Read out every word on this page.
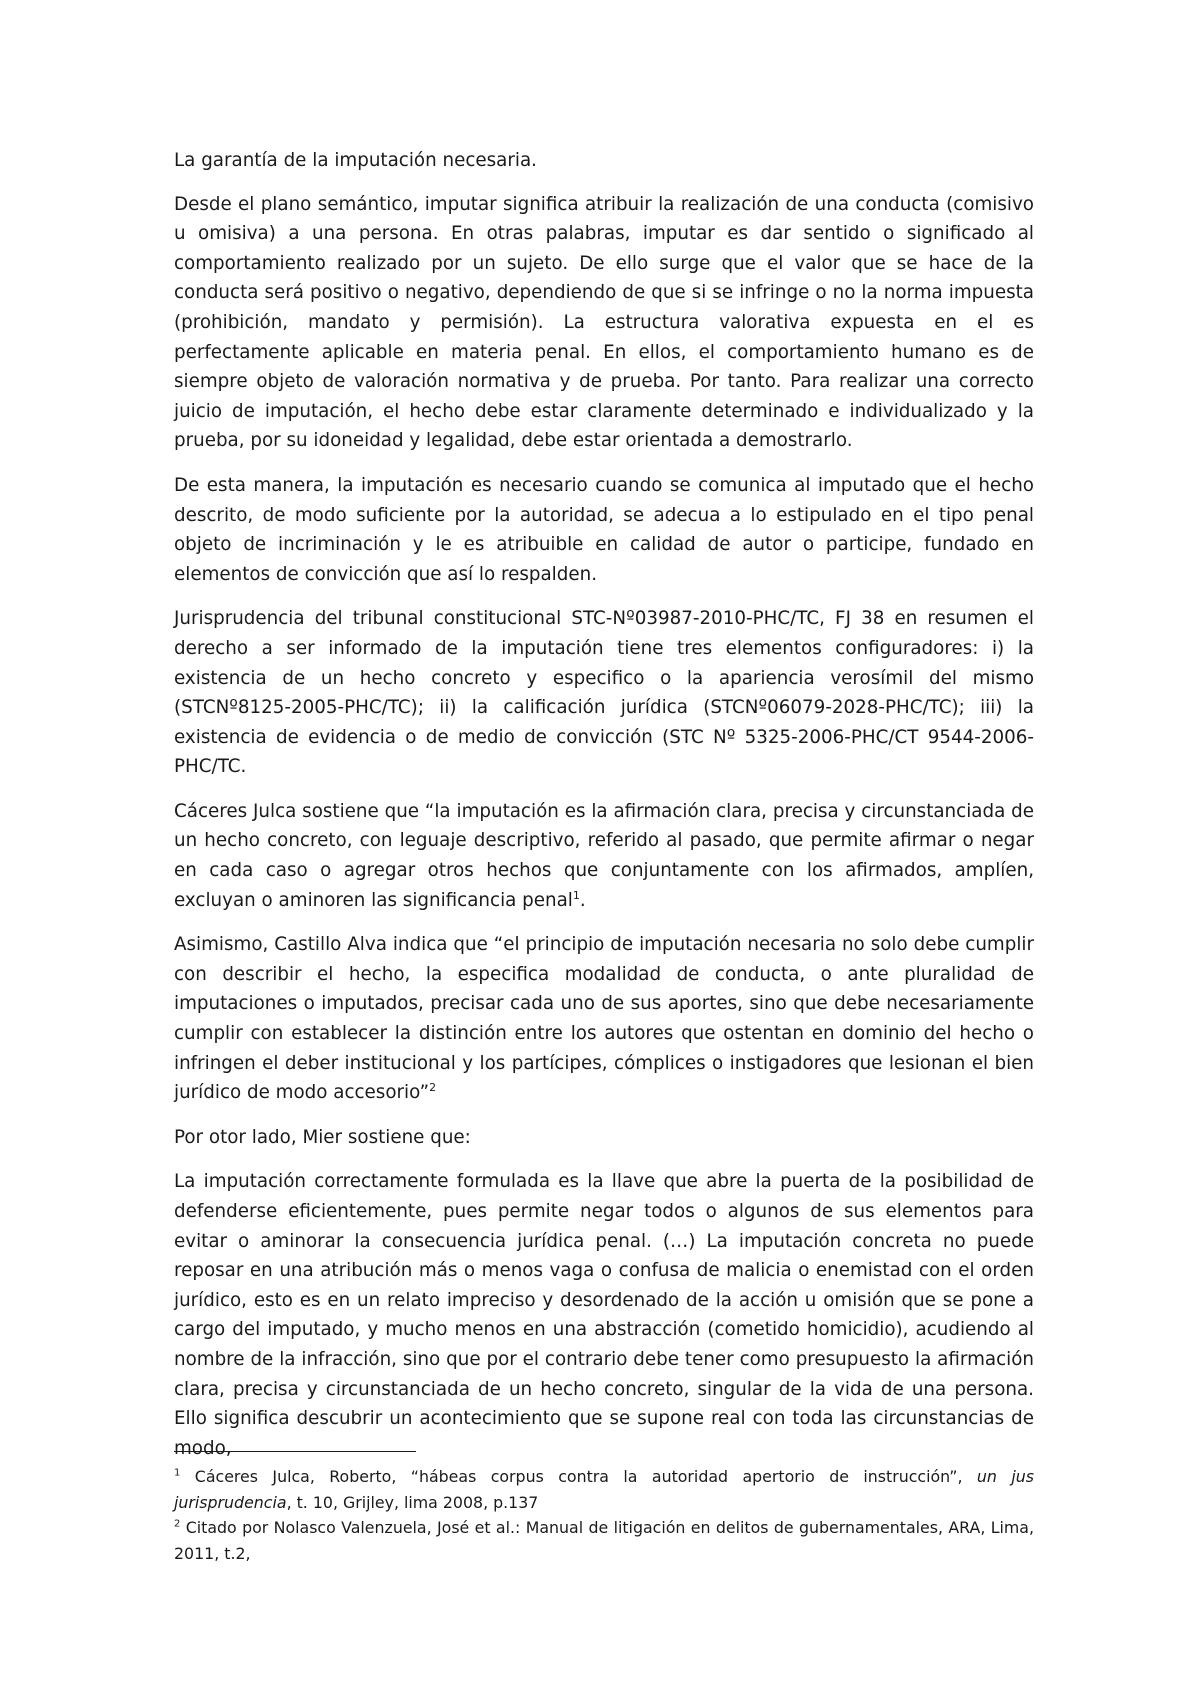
La garantía de la imputación necesaria.

Desde el plano semántico, imputar significa atribuir la realización de una conducta (comisivo u omisiva) a una persona. En otras palabras, imputar es dar sentido o significado al comportamiento realizado por un sujeto. De ello surge que el valor que se hace de la conducta será positivo o negativo, dependiendo de que si se infringe o no la norma impuesta (prohibición, mandato y permisión). La estructura valorativa expuesta en el es perfectamente aplicable en materia penal. En ellos, el comportamiento humano es de siempre objeto de valoración normativa y de prueba. Por tanto. Para realizar una correcto juicio de imputación, el hecho debe estar claramente determinado e individualizado y la prueba, por su idoneidad y legalidad, debe estar orientada a demostrarlo.

De esta manera, la imputación es necesario cuando se comunica al imputado que el hecho descrito, de modo suficiente por la autoridad, se adecua a lo estipulado en el tipo penal objeto de incriminación y le es atribuible en calidad de autor o participe, fundado en elementos de convicción que así lo respalden.

Jurisprudencia del tribunal constitucional STC-Nº03987-2010-PHC/TC, FJ 38 en resumen el derecho a ser informado de la imputación tiene tres elementos configuradores: i) la existencia de un hecho concreto y especifico o la apariencia verosímil del mismo (STCNº8125-2005-PHC/TC); ii) la calificación jurídica (STCNº06079-2028-PHC/TC); iii) la existencia de evidencia o de medio de convicción (STC Nº 5325-2006-PHC/CT 9544-2006-PHC/TC.

Cáceres Julca sostiene que “la imputación es la afirmación clara, precisa y circunstanciada de un hecho concreto, con leguaje descriptivo, referido al pasado, que permite afirmar o negar en cada caso o agregar otros hechos que conjuntamente con los afirmados, amplíen, excluyan o aminoren las significancia penal$^1$.

Asimismo, Castillo Alva indica que “el principio de imputación necesaria no solo debe cumplir con describir el hecho, la especifica modalidad de conducta, o ante pluralidad de imputaciones o imputados, precisar cada uno de sus aportes, sino que debe necesariamente cumplir con establecer la distinción entre los autores que ostentan en dominio del hecho o infringen el deber institucional y los partícipes, cómplices o instigadores que lesionan el bien jurídico de modo accesorio”$^2$

Por otor lado, Mier sostiene que:

La imputación correctamente formulada es la llave que abre la puerta de la posibilidad de defenderse eficientemente, pues permite negar todos o algunos de sus elementos para evitar o aminorar la consecuencia jurídica penal. (…) La imputación concreta no puede reposar en una atribución más o menos vaga o confusa de malicia o enemistad con el orden jurídico, esto es en un relato impreciso y desordenado de la acción u omisión que se pone a cargo del imputado, y mucho menos en una abstracción (cometido homicidio), acudiendo al nombre de la infracción, sino que por el contrario debe tener como presupuesto la afirmación clara, precisa y circunstanciada de un hecho concreto, singular de la vida de una persona. Ello significa descubrir un acontecimiento que se supone real con toda las circunstancias de modo,

$^1$ Cáceres Julca, Roberto, “hábeas corpus contra la autoridad apertorio de instrucción”, un jus jurisprudencia, t. 10, Grijley, lima 2008, p.137

$^2$ Citado por Nolasco Valenzuela, José et al.: Manual de litigación en delitos de gubernamentales, ARA, Lima, 2011, t.2,
